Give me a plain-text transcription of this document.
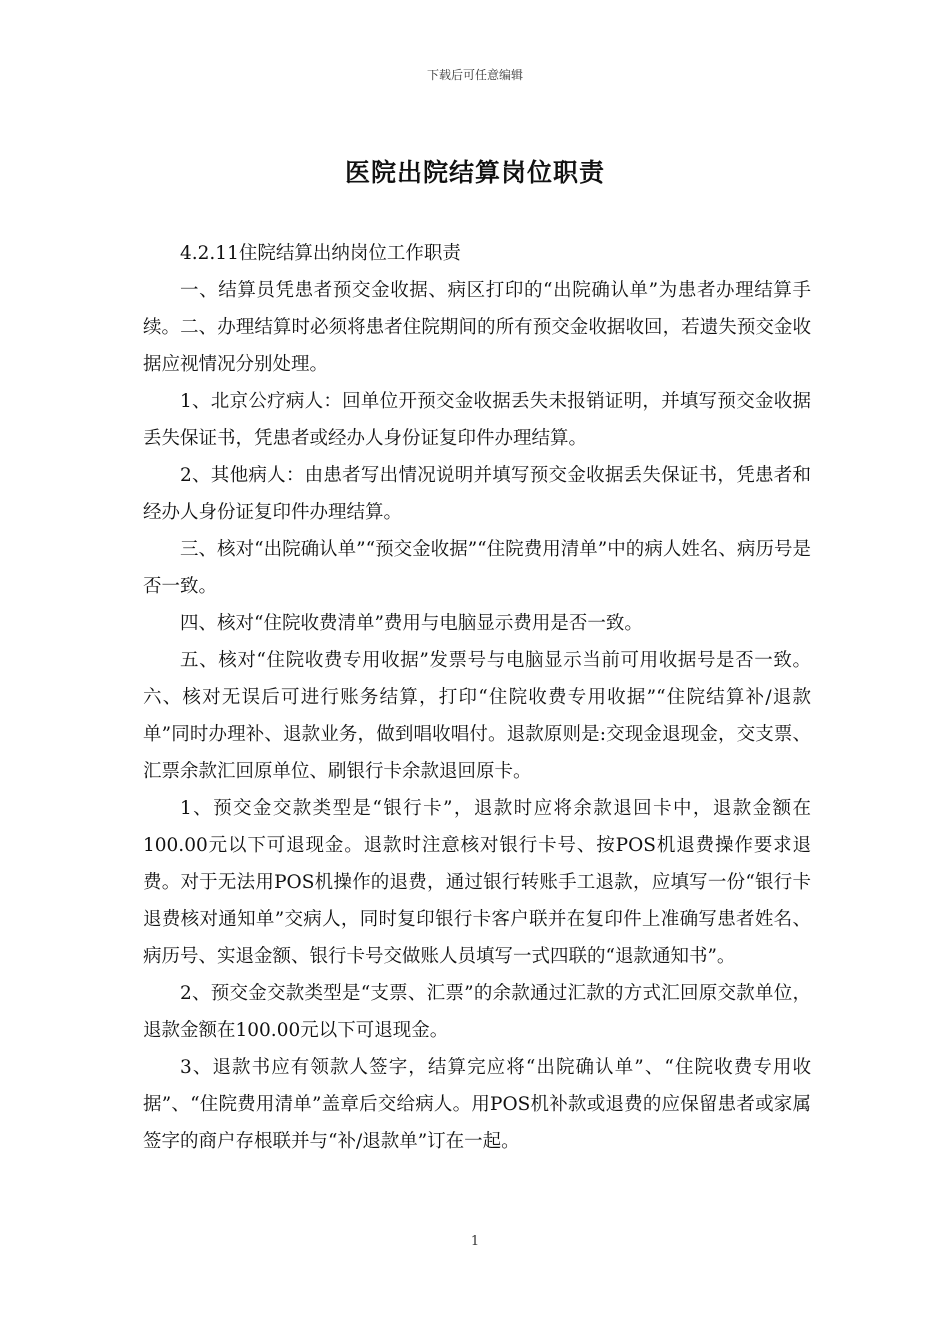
下载后可任意编辑
医院出院结算岗位职责

4.2.11住院结算出纳岗位工作职责

一、结算员凭患者预交金收据、病区打印的“出院确认单”为患者办理结算手续。二、办理结算时必须将患者住院期间的所有预交金收据收回，若遗失预交金收据应视情况分别处理。

1、北京公疗病人：回单位开预交金收据丢失未报销证明，并填写预交金收据丢失保证书，凭患者或经办人身份证复印件办理结算。

2、其他病人：由患者写出情况说明并填写预交金收据丢失保证书，凭患者和经办人身份证复印件办理结算。

三、核对“出院确认单”“预交金收据”“住院费用清单”中的病人姓名、病历号是否一致。

四、核对“住院收费清单”费用与电脑显示费用是否一致。

五、核对“住院收费专用收据”发票号与电脑显示当前可用收据号是否一致。六、核对无误后可进行账务结算，打印“住院收费专用收据”“住院结算补/退款单”同时办理补、退款业务，做到唱收唱付。退款原则是:交现金退现金，交支票、汇票余款汇回原单位、刷银行卡余款退回原卡。

1、预交金交款类型是“银行卡”，退款时应将余款退回卡中，退款金额在100.00元以下可退现金。退款时注意核对银行卡号、按POS机退费操作要求退费。对于无法用POS机操作的退费，通过银行转账手工退款，应填写一份“银行卡退费核对通知单”交病人，同时复印银行卡客户联并在复印件上准确写患者姓名、病历号、实退金额、银行卡号交做账人员填写一式四联的“退款通知书”。

2、预交金交款类型是“支票、汇票”的余款通过汇款的方式汇回原交款单位，退款金额在100.00元以下可退现金。

3、退款书应有领款人签字，结算完应将“出院确认单”、“住院收费专用收据”、“住院费用清单”盖章后交给病人。用POS机补款或退费的应保留患者或家属签字的商户存根联并与“补/退款单”订在一起。

1
